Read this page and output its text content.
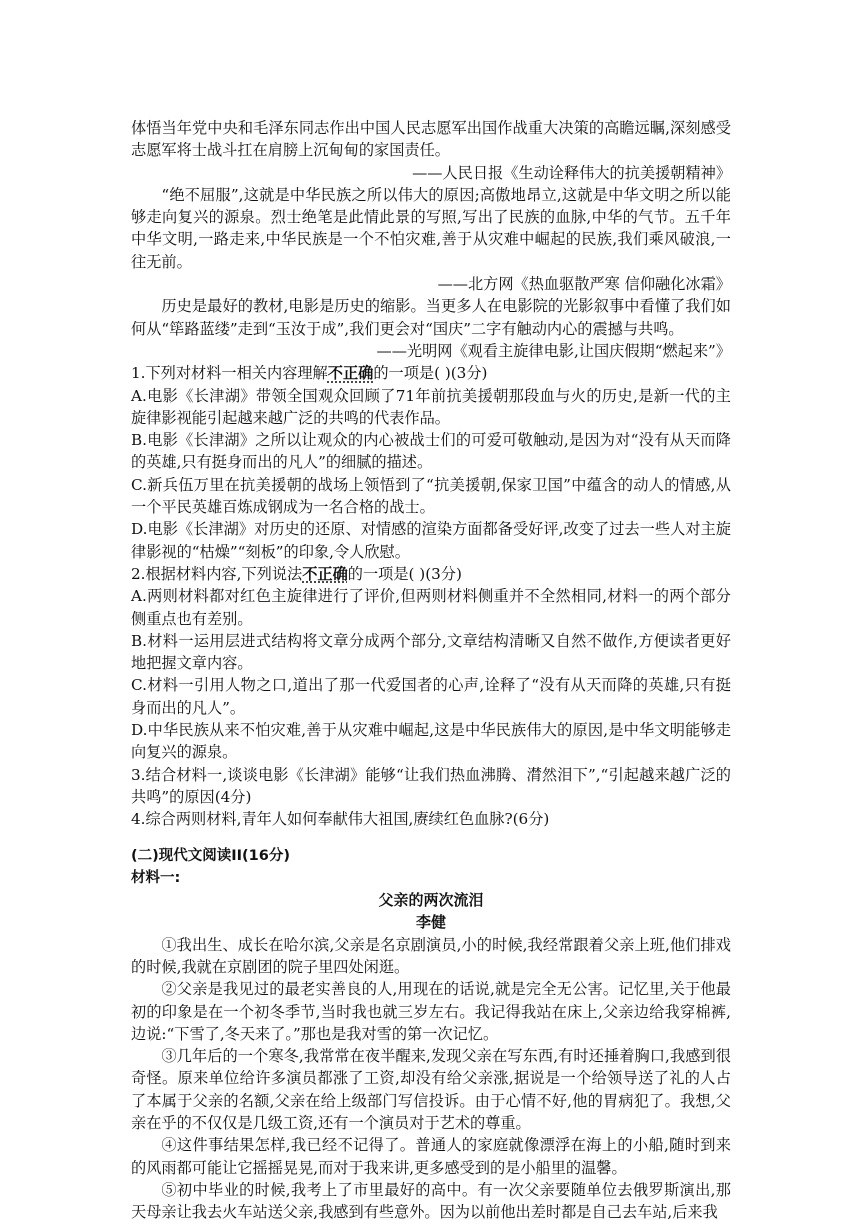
体悟当年党中央和毛泽东同志作出中国人民志愿军出国作战重大决策的高瞻远瞩,深刻感受志愿军将士战斗扛在肩膀上沉甸甸的家国责任。

——人民日报《生动诠释伟大的抗美援朝精神》

“绝不屈服”,这就是中华民族之所以伟大的原因;高傲地昂立,这就是中华文明之所以能够走向复兴的源泉。烈士绝笔是此情此景的写照,写出了民族的血脉,中华的气节。五千年中华文明,一路走来,中华民族是一个不怕灾难,善于从灾难中崛起的民族,我们乘风破浪,一往无前。

——北方网《热血驱散严寒 信仰融化冰霜》

历史是最好的教材,电影是历史的缩影。当更多人在电影院的光影叙事中看懂了我们如何从“筚路蓝缕”走到“玉汝于成”,我们更会对“国庆”二字有触动内心的震撼与共鸣。

——光明网《观看主旋律电影,让国庆假期“燃起来”》

1.下列对材料一相关内容理解不正确的一项是( )(3分)

A.电影《长津湖》带领全国观众回顾了71年前抗美援朝那段血与火的历史,是新一代的主旋律影视能引起越来越广泛的共鸣的代表作品。

B.电影《长津湖》之所以让观众的内心被战士们的可爱可敬触动,是因为对“没有从天而降的英雄,只有挺身而出的凡人”的细腻的描述。

C.新兵伍万里在抗美援朝的战场上领悟到了“抗美援朝,保家卫国”中蕴含的动人的情感,从一个平民英雄百炼成钢成为一名合格的战士。

D.电影《长津湖》对历史的还原、对情感的渲染方面都备受好评,改变了过去一些人对主旋律影视的“枯燥”“刻板”的印象,令人欣慰。

2.根据材料内容,下列说法不正确的一项是( )(3分)

A.两则材料都对红色主旋律进行了评价,但两则材料侧重并不全然相同,材料一的两个部分侧重点也有差别。

B.材料一运用层进式结构将文章分成两个部分,文章结构清晰又自然不做作,方便读者更好地把握文章内容。

C.材料一引用人物之口,道出了那一代爱国者的心声,诠释了“没有从天而降的英雄,只有挺身而出的凡人”。

D.中华民族从来不怕灾难,善于从灾难中崛起,这是中华民族伟大的原因,是中华文明能够走向复兴的源泉。

3.结合材料一,谈谈电影《长津湖》能够“让我们热血沸腾、潸然泪下”,“引起越来越广泛的共鸣”的原因(4分)

4.综合两则材料,青年人如何奉献伟大祖国,赓续红色血脉?(6分)

(二)现代文阅读II(16分)

材料一:

父亲的两次流泪

李健

①我出生、成长在哈尔滨,父亲是名京剧演员,小的时候,我经常跟着父亲上班,他们排戏的时候,我就在京剧团的院子里四处闲逛。

②父亲是我见过的最老实善良的人,用现在的话说,就是完全无公害。记忆里,关于他最初的印象是在一个初冬季节,当时我也就三岁左右。我记得我站在床上,父亲边给我穿棉裤,边说:“下雪了,冬天来了。”那也是我对雪的第一次记忆。

③几年后的一个寒冬,我常常在夜半醒来,发现父亲在写东西,有时还捶着胸口,我感到很奇怪。原来单位给许多演员都涨了工资,却没有给父亲涨,据说是一个给领导送了礼的人占了本属于父亲的名额,父亲在给上级部门写信投诉。由于心情不好,他的胃病犯了。我想,父亲在乎的不仅仅是几级工资,还有一个演员对于艺术的尊重。

④这件事结果怎样,我已经不记得了。普通人的家庭就像漂浮在海上的小船,随时到来的风雨都可能让它摇摇晃晃,而对于我来讲,更多感受到的是小船里的温馨。

⑤初中毕业的时候,我考上了市里最好的高中。有一次父亲要随单位去俄罗斯演出,那天母亲让我去火车站送父亲,我感到有些意外。因为以前他出差时都是自己去车站,后来我
